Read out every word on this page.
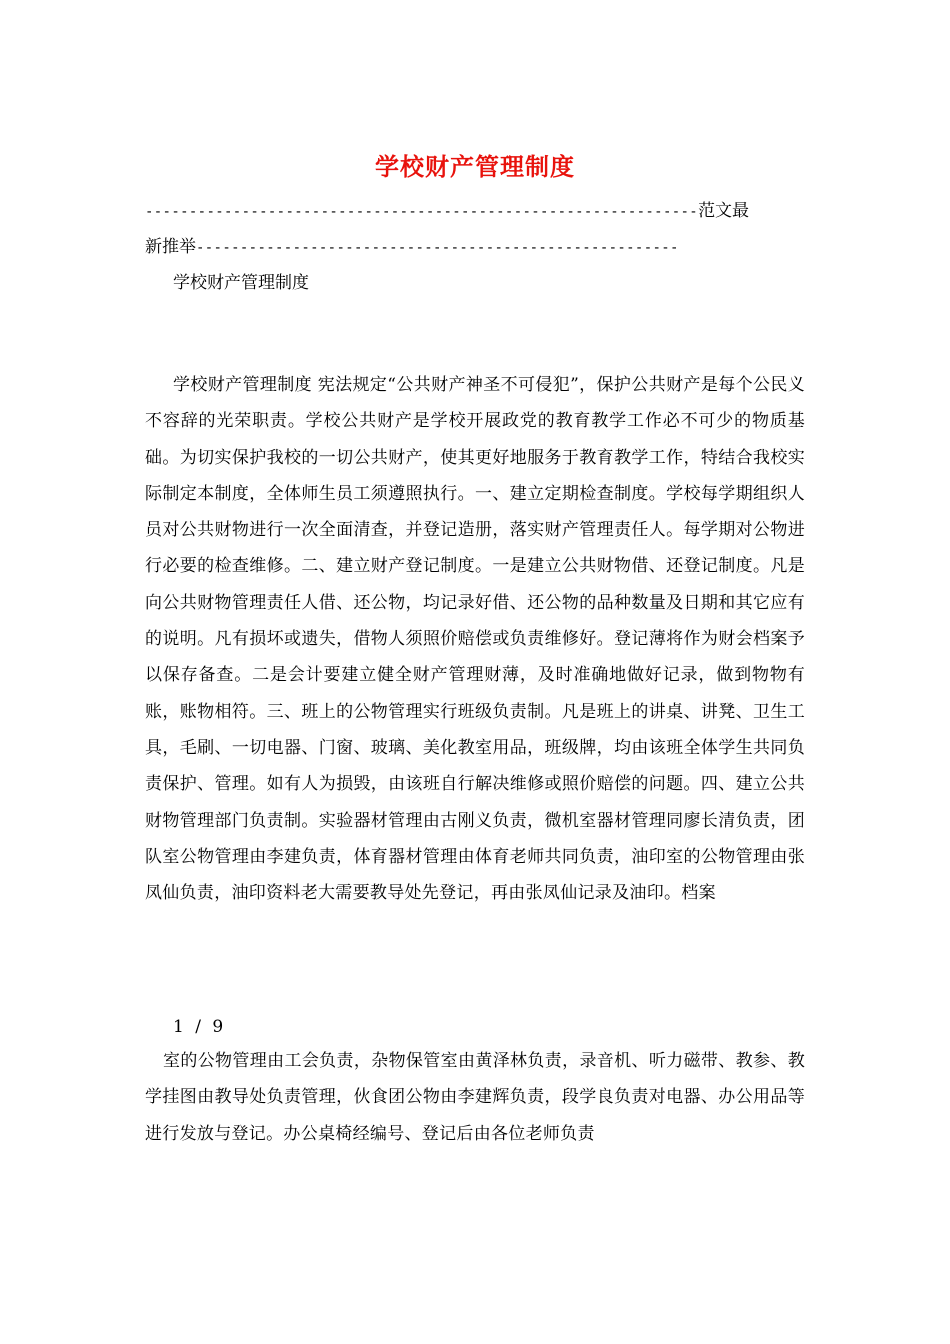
学校财产管理制度
---------------------------------------------------------------范文最
新推举-------------------------------------------------------
学校财产管理制度
学校财产管理制度 宪法规定“公共财产神圣不可侵犯”，保护公共财产是每个公民义不容辞的光荣职责。学校公共财产是学校开展政党的教育教学工作必不可少的物质基础。为切实保护我校的一切公共财产，使其更好地服务于教育教学工作，特结合我校实际制定本制度，全体师生员工须遵照执行。一、建立定期检查制度。学校每学期组织人员对公共财物进行一次全面清查，并登记造册，落实财产管理责任人。每学期对公物进行必要的检查维修。二、建立财产登记制度。一是建立公共财物借、还登记制度。凡是向公共财物管理责任人借、还公物，均记录好借、还公物的品种数量及日期和其它应有的说明。凡有损坏或遗失，借物人须照价赔偿或负责维修好。登记薄将作为财会档案予以保存备查。二是会计要建立健全财产管理财薄，及时准确地做好记录，做到物物有账，账物相符。三、班上的公物管理实行班级负责制。凡是班上的讲桌、讲凳、卫生工具，毛刷、一切电器、门窗、玻璃、美化教室用品，班级牌，均由该班全体学生共同负责保护、管理。如有人为损毁，由该班自行解决维修或照价赔偿的问题。四、建立公共财物管理部门负责制。实验器材管理由古刚义负责，微机室器材管理同廖长清负责，团队室公物管理由李建负责，体育器材管理由体育老师共同负责，油印室的公物管理由张凤仙负责，油印资料老大需要教导处先登记，再由张凤仙记录及油印。档案
1 / 9
室的公物管理由工会负责，杂物保管室由黄泽林负责，录音机、听力磁带、教参、教学挂图由教导处负责管理，伙食团公物由李建辉负责，段学良负责对电器、办公用品等进行发放与登记。办公桌椅经编号、登记后由各位老师负责
